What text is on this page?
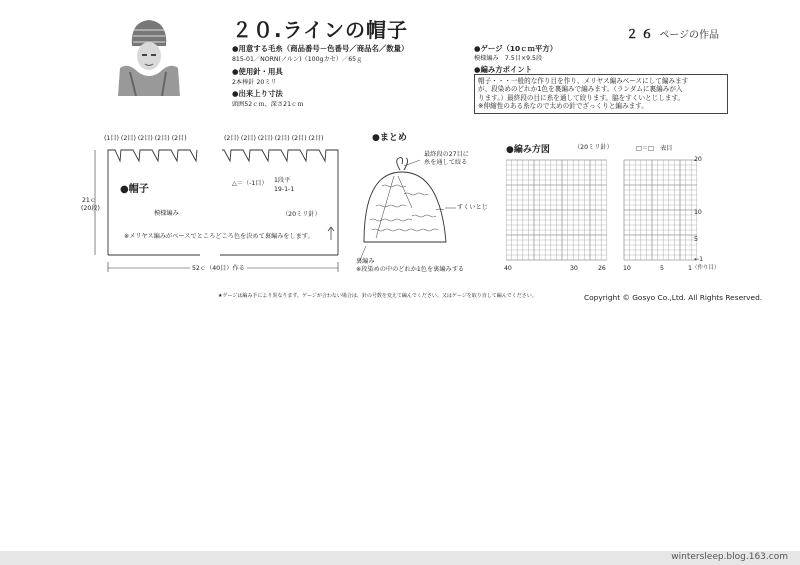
２０.ラインの帽子	２６ ページの作品
●用意する毛糸（商品番号－色番号／商品名／数量）
815-01／NORN(ノルン)（100gカセ）／65ｇ
●使用針・用具
2本棒針 20ミリ
●出来上り寸法
頭囲52ｃｍ、深さ21ｃｍ
●ゲージ（10ｃｍ平方）
模様編み　7.5目×9.5段
●編み方ポイント
帽子・・・一般的な作り目を作り、メリヤス編みベースにして編みます
が、段染めのどれか1色を裏編みで編みます。（ランダムに裏編みが入
ります。）最終段の目に糸を通して絞ります。脇をすくいとじします。
※伸縮性のある糸なので太めの針でざっくりと編みます。
(1目) (2目) (2目) (2目) (2目)	(2目) (2目) (2目) (2目) (2目) (2目)
●帽子
△＝（-1目） 1段平
19-1-1
模様編み	（20ミリ針）
※メリヤス編みがベースでところどころ色を決めて裏編みをします。
21ｃ
(20段)
52ｃ（40目）作る
●まとめ
最終段の27目に
糸を通して絞る
すくいとじ
裏編み
※段染めの中のどれか1色を裏編みする
●編み方図	（20ミリ針）	□＝□　 表目
20
10
5
←1
（作り目）
40	30	26	10	5	1
★ゲージは編み手により異なります。ゲージが合わない場合は、針の号数を変えて編んでください。又はゲージを取り直して編んでください。	Copyright © Gosyo Co.,Ltd. All Rights Reserved.
wintersleep.blog.163.com
